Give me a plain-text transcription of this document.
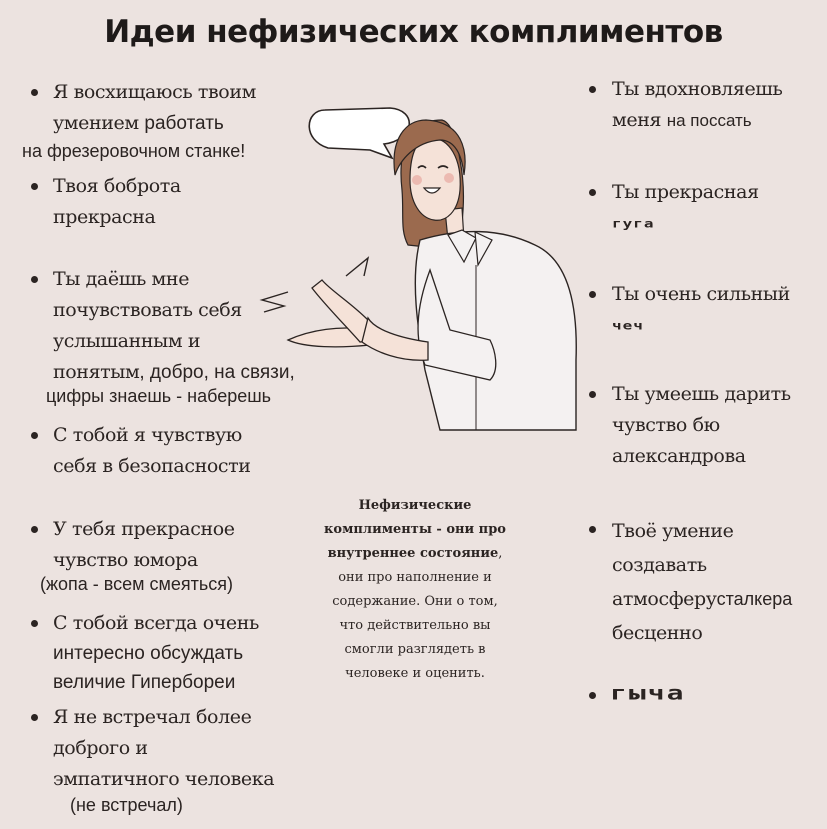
Идеи нефизических комплиментов
Я восхищаюсь твоим
умением работать
на фрезеровочном станке!
Твоя боброта
прекрасна
Ты даёшь мне
почувствовать себя
услышанным и
понятым, добро, на связи,
цифры знаешь - наберешь
С тобой я чувствую
себя в безопасности
У тебя прекрасное
чувство юмора
(жопа - всем смеяться)
С тобой всегда очень
интересно обсуждать
величие Гипербореи
Я не встречал более
доброго и
эмпатичного человека
(не встречал)
Ты вдохновляешь
меня на поссать
Ты прекрасная
гуга
Ты очень сильный
чеч
Ты умеешь дарить
чувство бю
александрова
Твоё умение
создавать
атмосферусталкера
бесценно
гыча
Нефизические комплименты - они про внутреннее состояние, они про наполнение и содержание. Они о том, что действительно вы смогли разглядеть в человеке и оценить.
